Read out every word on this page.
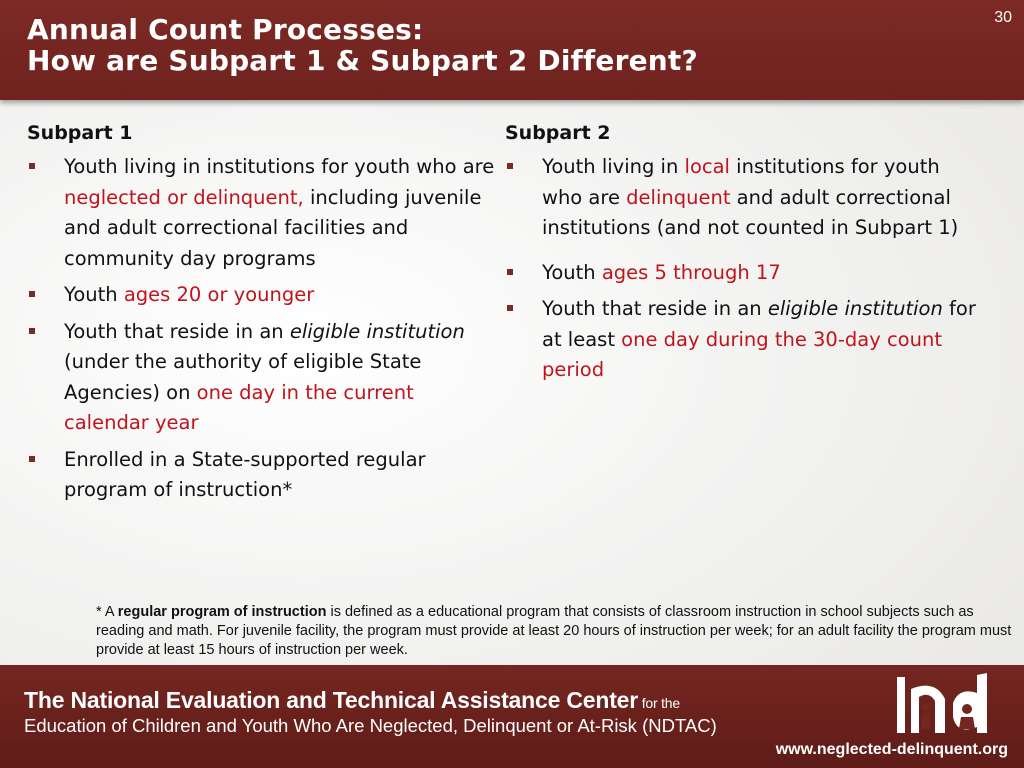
Annual Count Processes:
How are Subpart 1 & Subpart 2 Different?
30
Subpart 1
Youth living in institutions for youth who are neglected or delinquent, including juvenile and adult correctional facilities and community day programs
Youth ages 20 or younger
Youth that reside in an eligible institution (under the authority of eligible State Agencies) on one day in the current calendar year
Enrolled in a State-supported regular program of instruction*
Subpart 2
Youth living in local institutions for youth who are delinquent and adult correctional institutions (and not counted in Subpart 1)
Youth ages 5 through 17
Youth that reside in an eligible institution for at least one day during the 30-day count period
* A regular program of instruction is defined as a educational program that consists of classroom instruction in school subjects such as reading and math. For juvenile facility, the program must provide at least 20 hours of instruction per week; for an adult facility the program must provide at least 15 hours of instruction per week.
The National Evaluation and Technical Assistance Center for the
Education of Children and Youth Who Are Neglected, Delinquent or At-Risk (NDTAC)
www.neglected-delinquent.org
